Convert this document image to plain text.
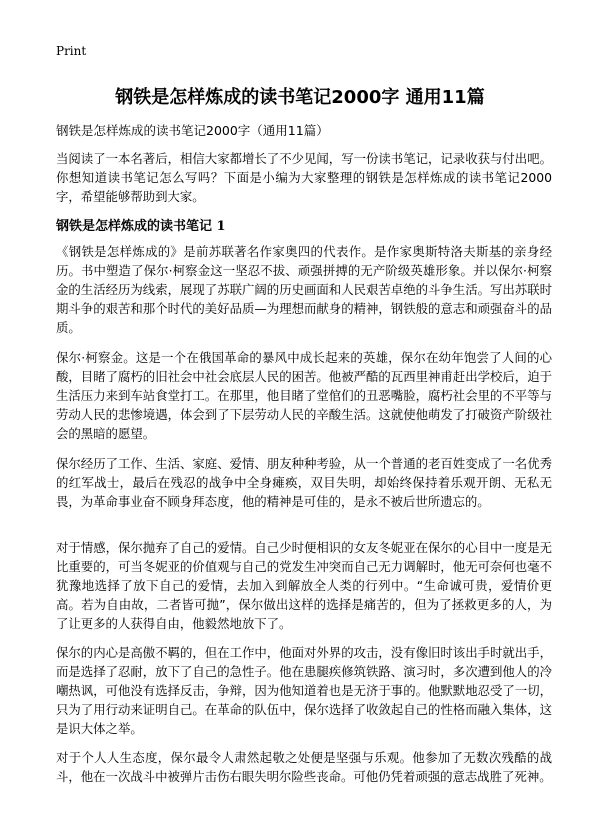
Print
钢铁是怎样炼成的读书笔记2000字 通用11篇
钢铁是怎样炼成的读书笔记2000字（通用11篇）

当阅读了一本名著后，相信大家都增长了不少见闻，写一份读书笔记，记录收获与付出吧。你想知道读书笔记怎么写吗？下面是小编为大家整理的钢铁是怎样炼成的读书笔记2000字，希望能够帮助到大家。

钢铁是怎样炼成的读书笔记 1

《钢铁是怎样炼成的》是前苏联著名作家奥四的代表作。是作家奥斯特洛夫斯基的亲身经历。书中塑造了保尔·柯察金这一坚忍不拔、顽强拼搏的无产阶级英雄形象。并以保尔·柯察金的生活经历为线索，展现了苏联广阔的历史画面和人民艰苦卓绝的斗争生活。写出苏联时期斗争的艰苦和那个时代的美好品质—为理想而献身的精神，钢铁般的意志和顽强奋斗的品质。

保尔·柯察金。这是一个在俄国革命的暴风中成长起来的英雄，保尔在幼年饱尝了人间的心酸，目睹了腐朽的旧社会中社会底层人民的困苦。他被严酷的瓦西里神甫赶出学校后，迫于生活压力来到车站食堂打工。在那里，他目睹了堂倌们的丑恶嘴脸，腐朽社会里的不平等与劳动人民的悲惨境遇，体会到了下层劳动人民的辛酸生活。这就使他萌发了打破资产阶级社会的黑暗的愿望。

保尔经历了工作、生活、家庭、爱情、朋友种种考验，从一个普通的老百姓变成了一名优秀的红军战士，最后在残忍的战争中全身瘫痪，双目失明，却始终保持着乐观开朗、无私无畏，为革命事业奋不顾身拜态度，他的精神是可佳的，是永不被后世所遗忘的。

对于情感，保尔抛弃了自己的爱情。自己少时便相识的女友冬妮亚在保尔的心目中一度是无比重要的，可当冬妮亚的价值观与自己的党发生冲突而自己无力调解时，他无可奈何也毫不犹豫地选择了放下自己的爱情，去加入到解放全人类的行列中。“生命诚可贵，爱情价更高。若为自由故，二者皆可抛”，保尔做出这样的选择是痛苦的，但为了拯救更多的人，为了让更多的人获得自由，他毅然地放下了。

保尔的内心是高傲不羁的，但在工作中，他面对外界的攻击，没有像旧时该出手时就出手，而是选择了忍耐，放下了自己的急性子。他在患腿疾修筑铁路、演习时，多次遭到他人的冷嘲热讽，可他没有选择反击，争辩，因为他知道着也是无济于事的。他默默地忍受了一切，只为了用行动来证明自己。在革命的队伍中，保尔选择了收敛起自己的性格而融入集体，这是识大体之举。

对于个人人生态度，保尔最令人肃然起敬之处便是坚强与乐观。他参加了无数次残酷的战斗，他在一次战斗中被弹片击伤右眼失明尔险些丧命。可他仍凭着顽强的意志战胜了死神。
